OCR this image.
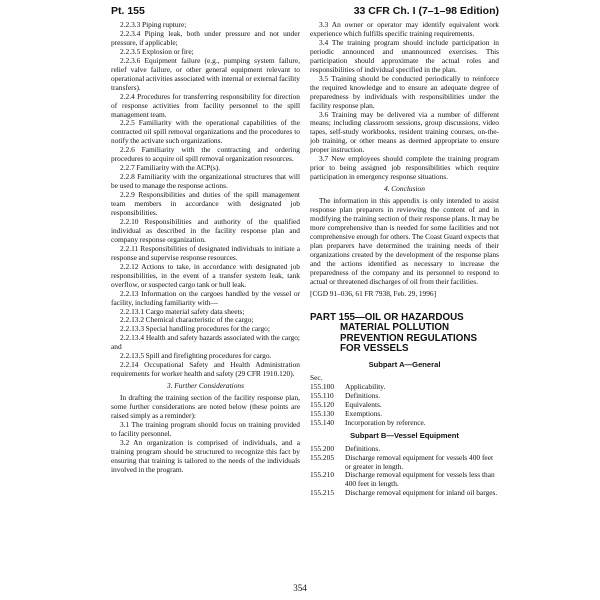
Pt. 155	33 CFR Ch. I (7–1–98 Edition)

2.2.3.3 Piping rupture;

2.2.3.4 Piping leak, both under pressure and not under pressure, if applicable;

2.2.3.5 Explosion or fire;

2.2.3.6 Equipment failure (e.g., pumping system failure, relief valve failure, or other general equipment relevant to operational activities associated with internal or external facility transfers).

2.2.4 Procedures for transferring responsibility for direction of response activities from facility personnel to the spill management team.

2.2.5 Familiarity with the operational capabilities of the contracted oil spill removal organizations and the procedures to notify the activate such organizations.

2.2.6 Familiarity with the contracting and ordering procedures to acquire oil spill removal organization resources.

2.2.7 Familiarity with the ACP(s).

2.2.8 Familiarity with the organizational structures that will be used to manage the response actions.

2.2.9 Responsibilities and duties of the spill management team members in accordance with designated job responsibilities.

2.2.10 Responsibilities and authority of the qualified individual as described in the facility response plan and company response organization.

2.2.11 Responsibilities of designated individuals to initiate a response and supervise response resources.

2.2.12 Actions to take, in accordance with designated job responsibilities, in the event of a transfer system leak, tank overflow, or suspected cargo tank or hull leak.

2.2.13 Information on the cargoes handled by the vessel or facility, including familiarity with—

2.2.13.1 Cargo material safety data sheets;

2.2.13.2 Chemical characteristic of the cargo;

2.2.13.3 Special handling procedures for the cargo;

2.2.13.4 Health and safety hazards associated with the cargo; and

2.2.13.5 Spill and firefighting procedures for cargo.

2.2.14 Occupational Safety and Health Administration requirements for worker health and safety (29 CFR 1910.120).

3. Further Considerations

In drafting the training section of the facility response plan, some further considerations are noted below (these points are raised simply as a reminder):

3.1 The training program should focus on training provided to facility personnel.

3.2 An organization is comprised of individuals, and a training program should be structured to recognize this fact by ensuring that training is tailored to the needs of the individuals involved in the program.

3.3 An owner or operator may identify equivalent work experience which fulfills specific training requirements.

3.4 The training program should include participation in periodic announced and unannounced exercises. This participation should approximate the actual roles and responsibilities of individual specified in the plan.

3.5 Training should be conducted periodically to reinforce the required knowledge and to ensure an adequate degree of preparedness by individuals with responsibilities under the facility response plan.

3.6 Training may be delivered via a number of different means; including classroom sessions, group discussions, video tapes, self-study workbooks, resident training courses, on-the-job training, or other means as deemed appropriate to ensure proper instruction.

3.7 New employees should complete the training program prior to being assigned job responsibilities which require participation in emergency response situations.

4. Conclusion

The information in this appendix is only intended to assist response plan preparers in reviewing the content of and in modifying the training section of their response plans. It may be more comprehensive than is needed for some facilities and not comprehensive enough for others. The Coast Guard expects that plan preparers have determined the training needs of their organizations created by the development of the response plans and the actions identified as necessary to increase the preparedness of the company and its personnel to respond to actual or threatened discharges of oil from their facilities.

[CGD 91–036, 61 FR 7938, Feb. 29, 1996]

PART 155—OIL OR HAZARDOUS MATERIAL POLLUTION PREVENTION REGULATIONS FOR VESSELS
Subpart A—General

Sec.

155.100	Applicability.
155.110	Definitions.
155.120	Equivalents.
155.130	Exemptions.
155.140	Incorporation by reference.
Subpart B—Vessel Equipment
155.200	Definitions.
155.205	Discharge removal equipment for vessels 400 feet or greater in length.
155.210	Discharge removal equipment for vessels less than 400 feet in length.
155.215	Discharge removal equipment for inland oil barges.
354
